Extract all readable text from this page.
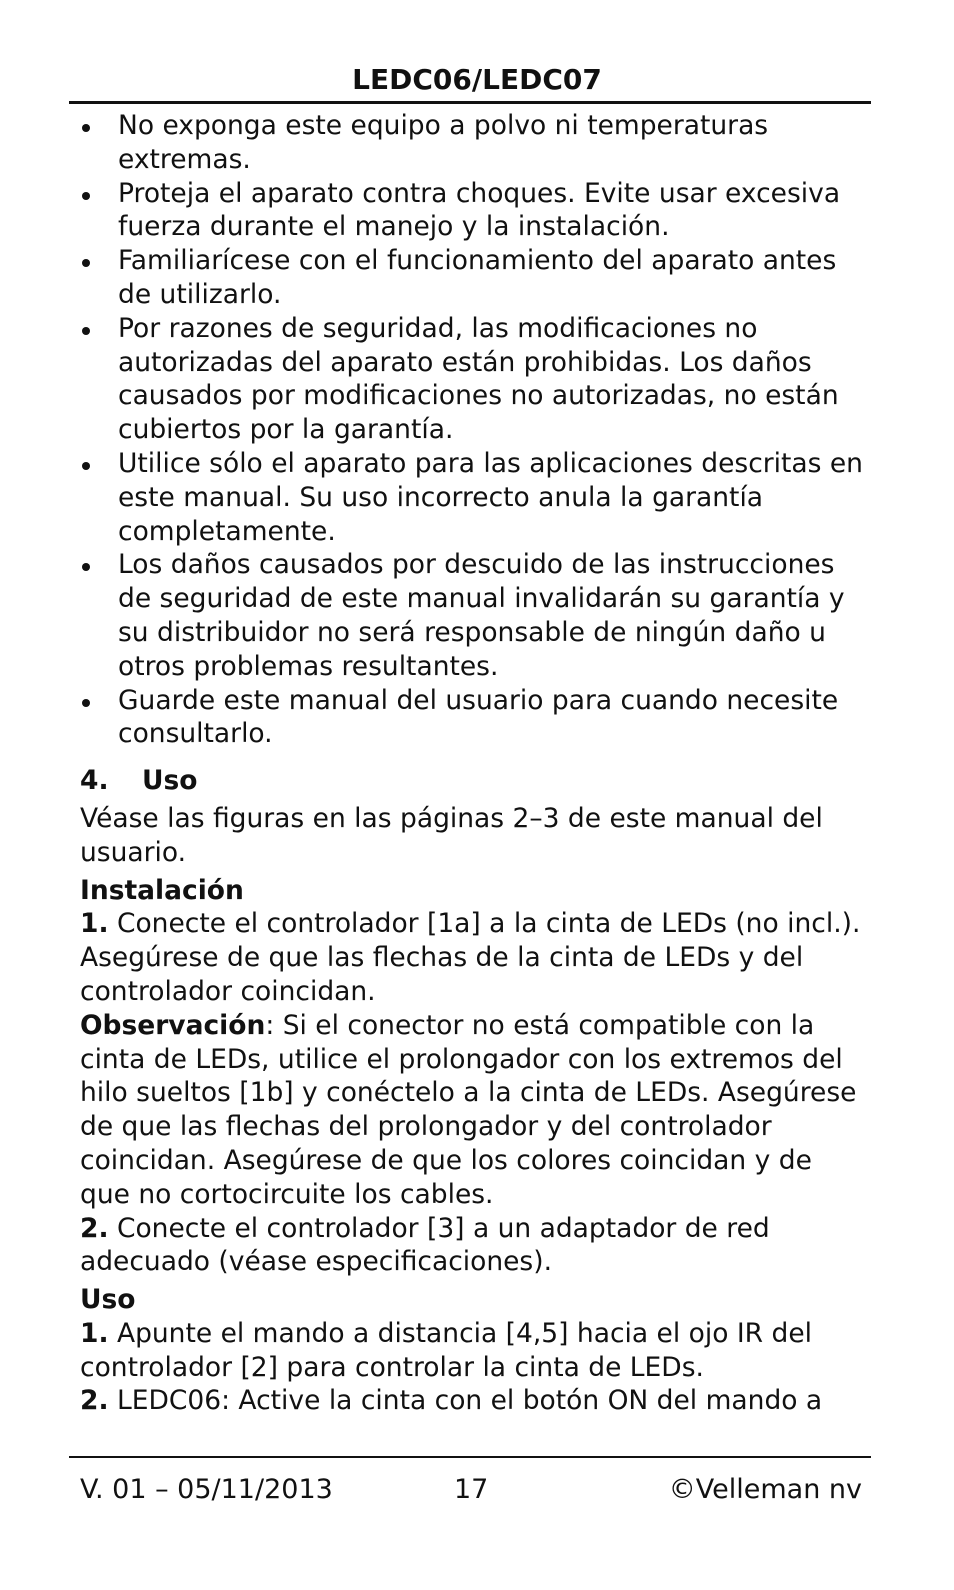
LEDC06/LEDC07
No exponga este equipo a polvo ni temperaturas extremas.
Proteja el aparato contra choques. Evite usar excesiva fuerza durante el manejo y la instalación.
Familiarícese con el funcionamiento del aparato antes de utilizarlo.
Por razones de seguridad, las modificaciones no autorizadas del aparato están prohibidas. Los daños causados por modificaciones no autorizadas, no están cubiertos por la garantía.
Utilice sólo el aparato para las aplicaciones descritas en este manual. Su uso incorrecto anula la garantía completamente.
Los daños causados por descuido de las instrucciones de seguridad de este manual invalidarán su garantía y su distribuidor no será responsable de ningún daño u otros problemas resultantes.
Guarde este manual del usuario para cuando necesite consultarlo.
4. Uso

Véase las figuras en las páginas 2–3 de este manual del usuario.

Instalación

1. Conecte el controlador [1a] a la cinta de LEDs (no incl.). Asegúrese de que las flechas de la cinta de LEDs y del controlador coincidan.

Observación: Si el conector no está compatible con la cinta de LEDs, utilice el prolongador con los extremos del hilo sueltos [1b] y conéctelo a la cinta de LEDs. Asegúrese de que las flechas del prolongador y del controlador coincidan. Asegúrese de que los colores coincidan y de que no cortocircuite los cables.

2. Conecte el controlador [3] a un adaptador de red adecuado (véase especificaciones).

Uso

1. Apunte el mando a distancia [4,5] hacia el ojo IR del controlador [2] para controlar la cinta de LEDs.

2. LEDC06: Active la cinta con el botón ON del mando a

V. 01 – 05/11/2013	17	©Velleman nv
